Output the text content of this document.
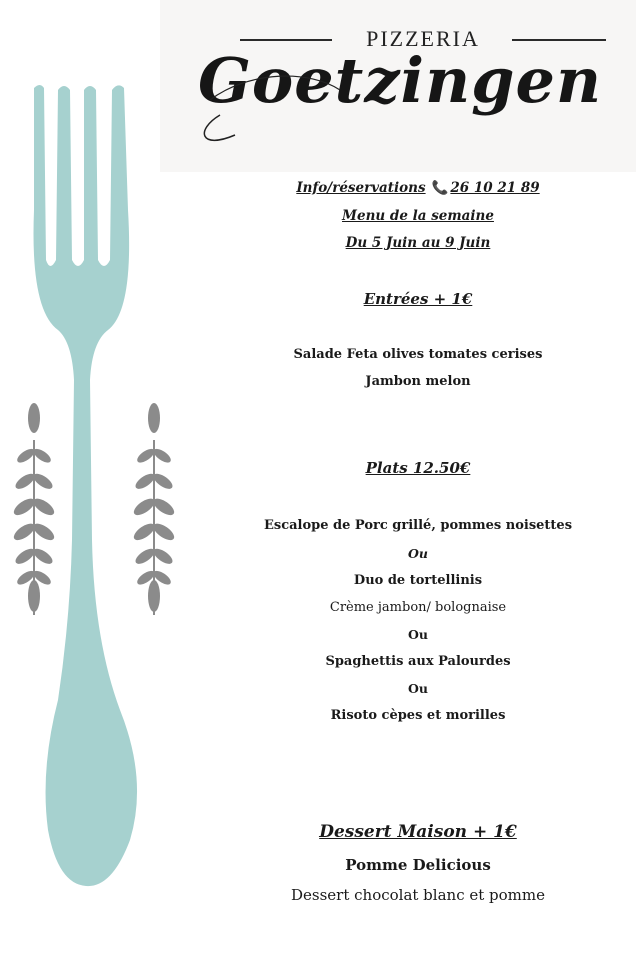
PIZZERIA
Goetzingen
Info/réservations 📞 26 10 21 89
Menu de la semaine
Du 5 Juin au 9 Juin
Entrées + 1€
Salade Feta olives tomates cerises
Jambon melon
Plats 12.50€
Escalope de Porc grillé, pommes noisettes
Ou
Duo de tortellinis
Crème jambon/ bolognaise
Ou
Spaghettis aux Palourdes
Ou
Risoto cèpes et morilles
Dessert Maison + 1€
Pomme Delicious
Dessert chocolat blanc et pomme
